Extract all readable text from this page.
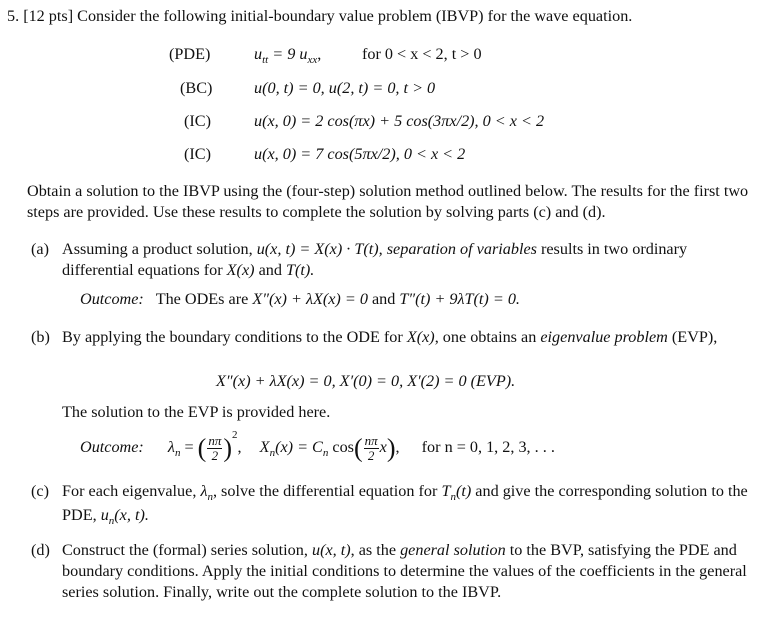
5. [12 pts] Consider the following initial-boundary value problem (IBVP) for the wave equation.
(PDE)	$u_{tt} = 9$ $u_{xx}$,	for 0 < x < 2, t > 0
(BC)	u(0, t) = 0, u(2, t) = 0, t > 0
(IC)	u(x, 0) = 2 cos(πx) + 5 cos(3πx/2), 0 < x < 2
(IC)	u(x, 0) = 7 cos(5πx/2), 0 < x < 2
Obtain a solution to the IBVP using the (four-step) solution method outlined below. The results for the first two steps are provided. Use these results to complete the solution by solving parts (c) and (d).
(a) Assuming a product solution, u(x, t) = X(x) · T(t), separation of variables results in two ordinary differential equations for X(x) and T(t).
Outcome: The ODEs are X″(x) + λX(x) = 0 and T″(t) + 9λT(t) = 0.
(b) By applying the boundary conditions to the ODE for X(x), one obtains an eigenvalue problem (EVP),
X″(x) + λX(x) = 0, X′(0) = 0, X′(2) = 0 (EVP).
The solution to the EVP is provided here.
Outcome: $\lambda_n$ = ( $\frac{n\pi}{2} )^2$,  $X_n(x) = C_n$ $\cos( \frac{n\pi}{2} x)$,  for n = 0, 1, 2, 3, . . .
(c) For each eigenvalue, $\lambda_n$, solve the differential equation for $T_n(t)$ and give the corresponding solution to the PDE, $u_n(x$, t).
(d) Construct the (formal) series solution, u(x, t), as the general solution to the BVP, satisfying the PDE and boundary conditions. Apply the initial conditions to determine the values of the coefficients in the general series solution. Finally, write out the complete solution to the IBVP.
